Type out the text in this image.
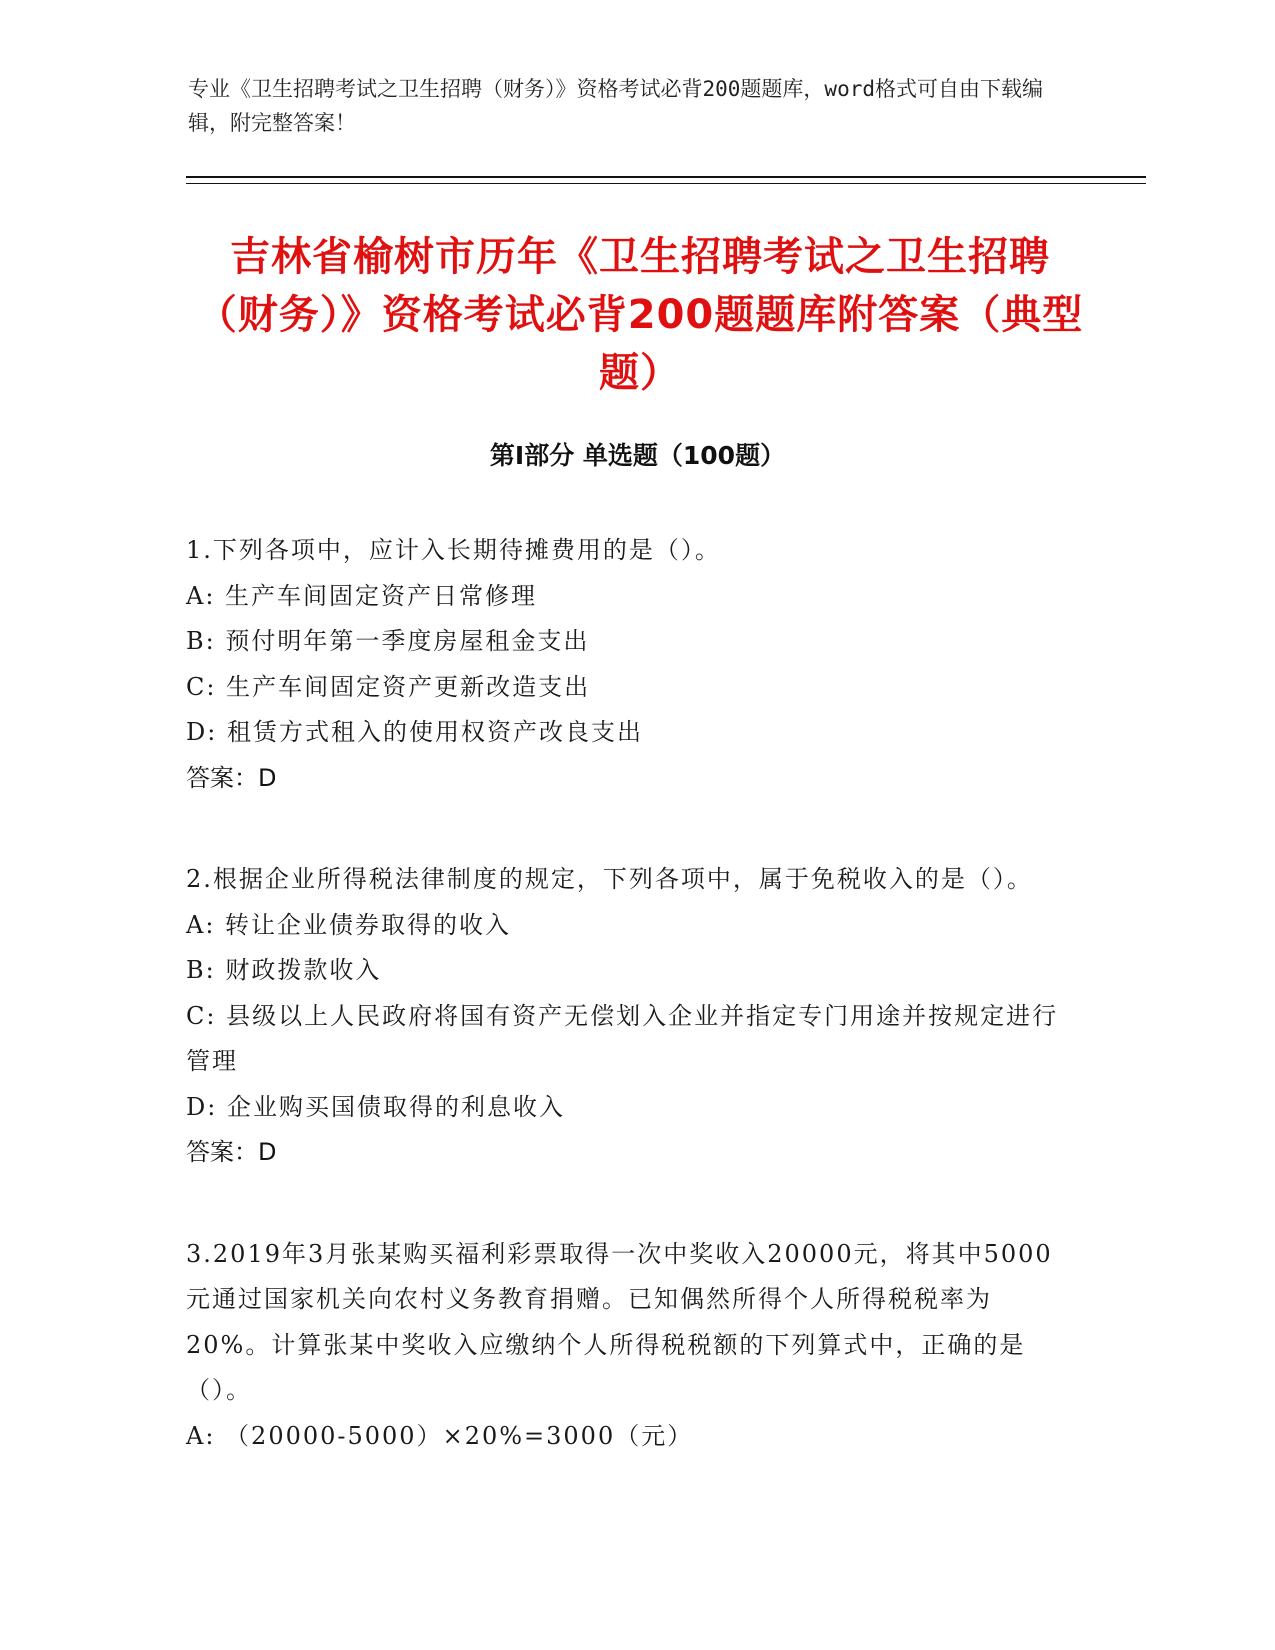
专业《卫生招聘考试之卫生招聘（财务）》资格考试必背200题题库，word格式可自由下载编辑，附完整答案！
吉林省榆树市历年《卫生招聘考试之卫生招聘（财务）》资格考试必背200题题库附答案（典型题）
第I部分 单选题（100题）
1.下列各项中，应计入长期待摊费用的是（）。
A: 生产车间固定资产日常修理
B: 预付明年第一季度房屋租金支出
C: 生产车间固定资产更新改造支出
D: 租赁方式租入的使用权资产改良支出
答案：D
2.根据企业所得税法律制度的规定，下列各项中，属于免税收入的是（）。
A: 转让企业债券取得的收入
B: 财政拨款收入
C: 县级以上人民政府将国有资产无偿划入企业并指定专门用途并按规定进行管理
D: 企业购买国债取得的利息收入
答案：D
3.2019年3月张某购买福利彩票取得一次中奖收入20000元，将其中5000元通过国家机关向农村义务教育捐赠。已知偶然所得个人所得税税率为20%。计算张某中奖收入应缴纳个人所得税税额的下列算式中，正确的是（）。
A: （20000-5000）×20%=3000（元）
